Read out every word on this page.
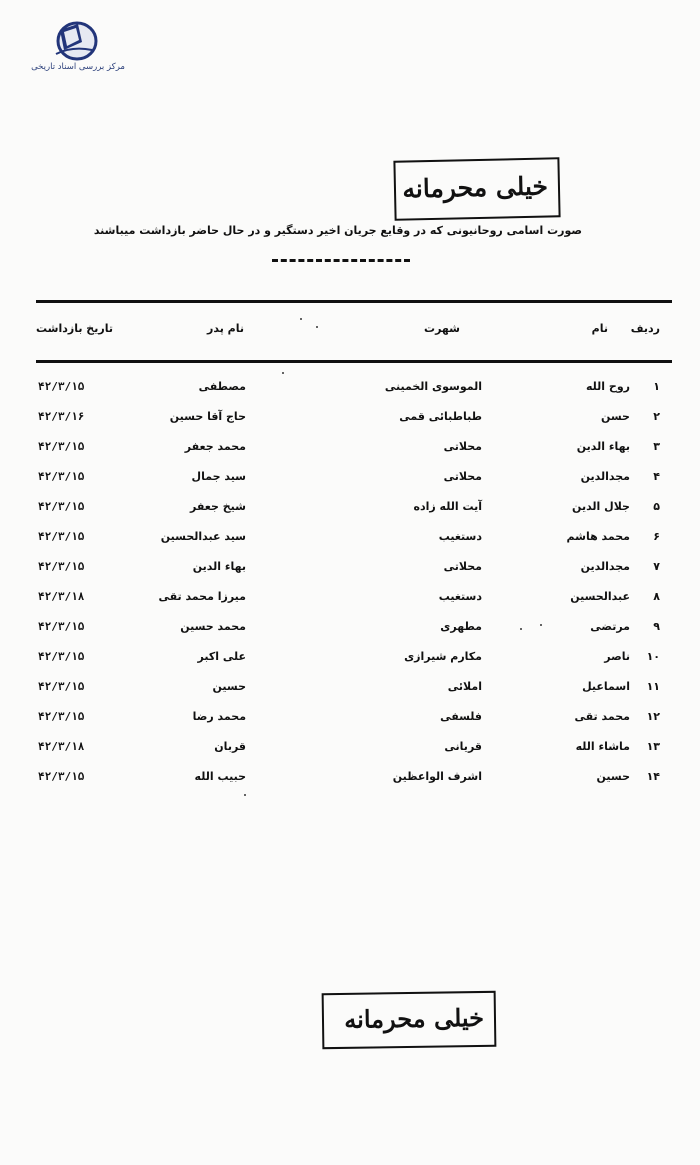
مرکز بررسی اسناد تاریخی
خیلی محرمانه
صورت اسامی روحانیونی که در وقایع جریان اخیر دستگیر و در حال حاضر بازداشت میباشند
ردیف
نام
شهرت
نام پدر
تاریخ بازداشت
۱
روح الله
الموسوی الخمینی
مصطفی
۴۲/۳/۱۵
۲
حسن
طباطبائی قمی
حاج آقا حسین
۴۲/۳/۱۶
۳
بهاء الدین
محلاتی
محمد جعفر
۴۲/۳/۱۵
۴
مجدالدین
محلاتی
سید جمال
۴۲/۳/۱۵
۵
جلال الدین
آیت الله زاده
شیخ جعفر
۴۲/۳/۱۵
۶
محمد هاشم
دستغیب
سید عبدالحسین
۴۲/۳/۱۵
۷
مجدالدین
محلاتی
بهاء الدین
۴۲/۳/۱۵
۸
عبدالحسین
دستغیب
میرزا محمد تقی
۴۲/۳/۱۸
۹
مرتضی
مطهری
محمد حسین
۴۲/۳/۱۵
۱۰
ناصر
مکارم شیرازی
علی اکبر
۴۲/۳/۱۵
۱۱
اسماعیل
املائی
حسین
۴۲/۳/۱۵
۱۲
محمد تقی
فلسفی
محمد رضا
۴۲/۳/۱۵
۱۳
ماشاء الله
قریانی
قربان
۴۲/۳/۱۸
۱۴
حسین
اشرف الواعظین
حبیب الله
۴۲/۳/۱۵
خیلی محرمانه
